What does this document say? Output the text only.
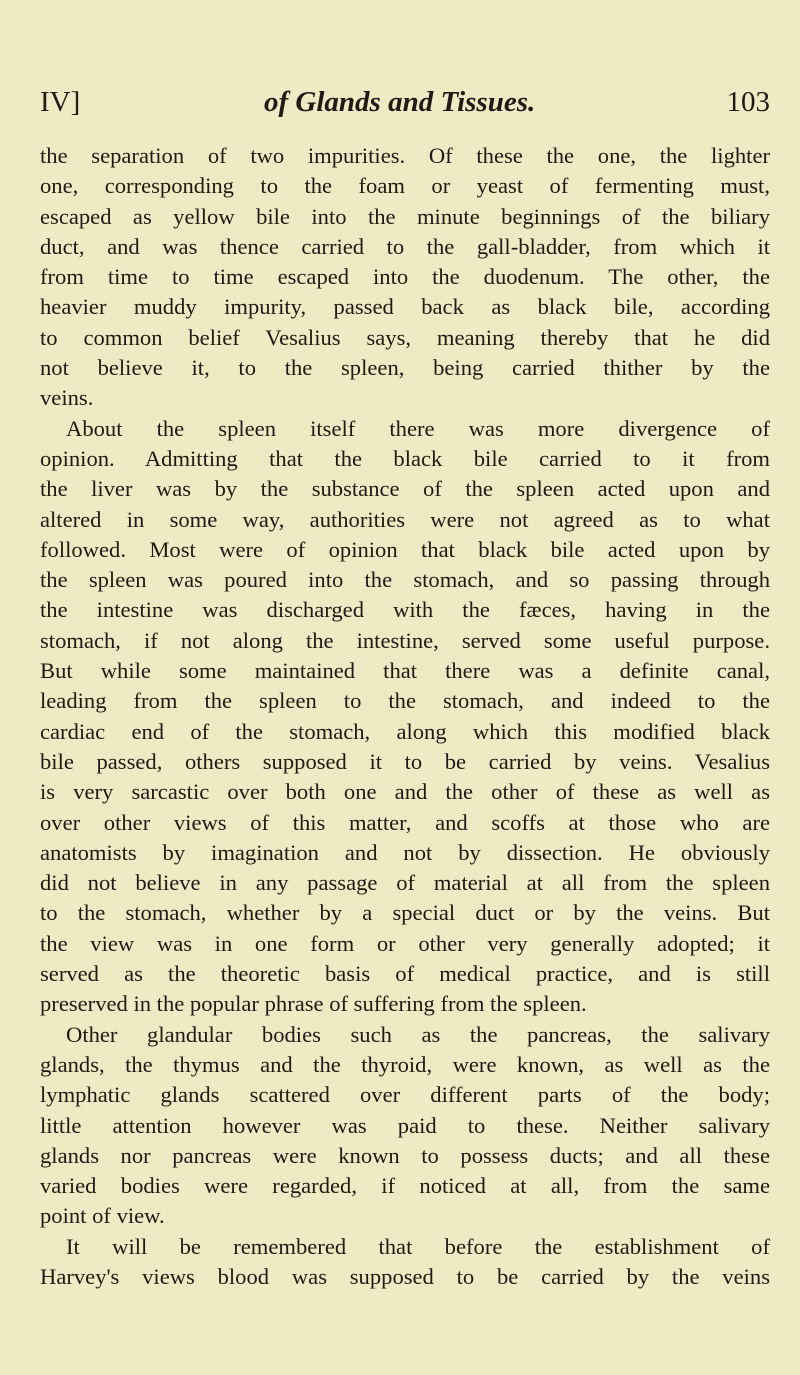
IV]	of Glands and Tissues.	103
the separation of two impurities. Of these the one, the lighter
one, corresponding to the foam or yeast of fermenting must,
escaped as yellow bile into the minute beginnings of the biliary
duct, and was thence carried to the gall-bladder, from which it
from time to time escaped into the duodenum. The other, the
heavier muddy impurity, passed back as black bile, according
to common belief Vesalius says, meaning thereby that he did
not believe it, to the spleen, being carried thither by the
veins.
About the spleen itself there was more divergence of
opinion. Admitting that the black bile carried to it from
the liver was by the substance of the spleen acted upon and
altered in some way, authorities were not agreed as to what
followed. Most were of opinion that black bile acted upon by
the spleen was poured into the stomach, and so passing through
the intestine was discharged with the fæces, having in the
stomach, if not along the intestine, served some useful purpose.
But while some maintained that there was a definite canal,
leading from the spleen to the stomach, and indeed to the
cardiac end of the stomach, along which this modified black
bile passed, others supposed it to be carried by veins. Vesalius
is very sarcastic over both one and the other of these as well as
over other views of this matter, and scoffs at those who are
anatomists by imagination and not by dissection. He obviously
did not believe in any passage of material at all from the spleen
to the stomach, whether by a special duct or by the veins. But
the view was in one form or other very generally adopted; it
served as the theoretic basis of medical practice, and is still
preserved in the popular phrase of suffering from the spleen.
Other glandular bodies such as the pancreas, the salivary
glands, the thymus and the thyroid, were known, as well as the
lymphatic glands scattered over different parts of the body;
little attention however was paid to these. Neither salivary
glands nor pancreas were known to possess ducts; and all these
varied bodies were regarded, if noticed at all, from the same
point of view.
It will be remembered that before the establishment of
Harvey's views blood was supposed to be carried by the veins
